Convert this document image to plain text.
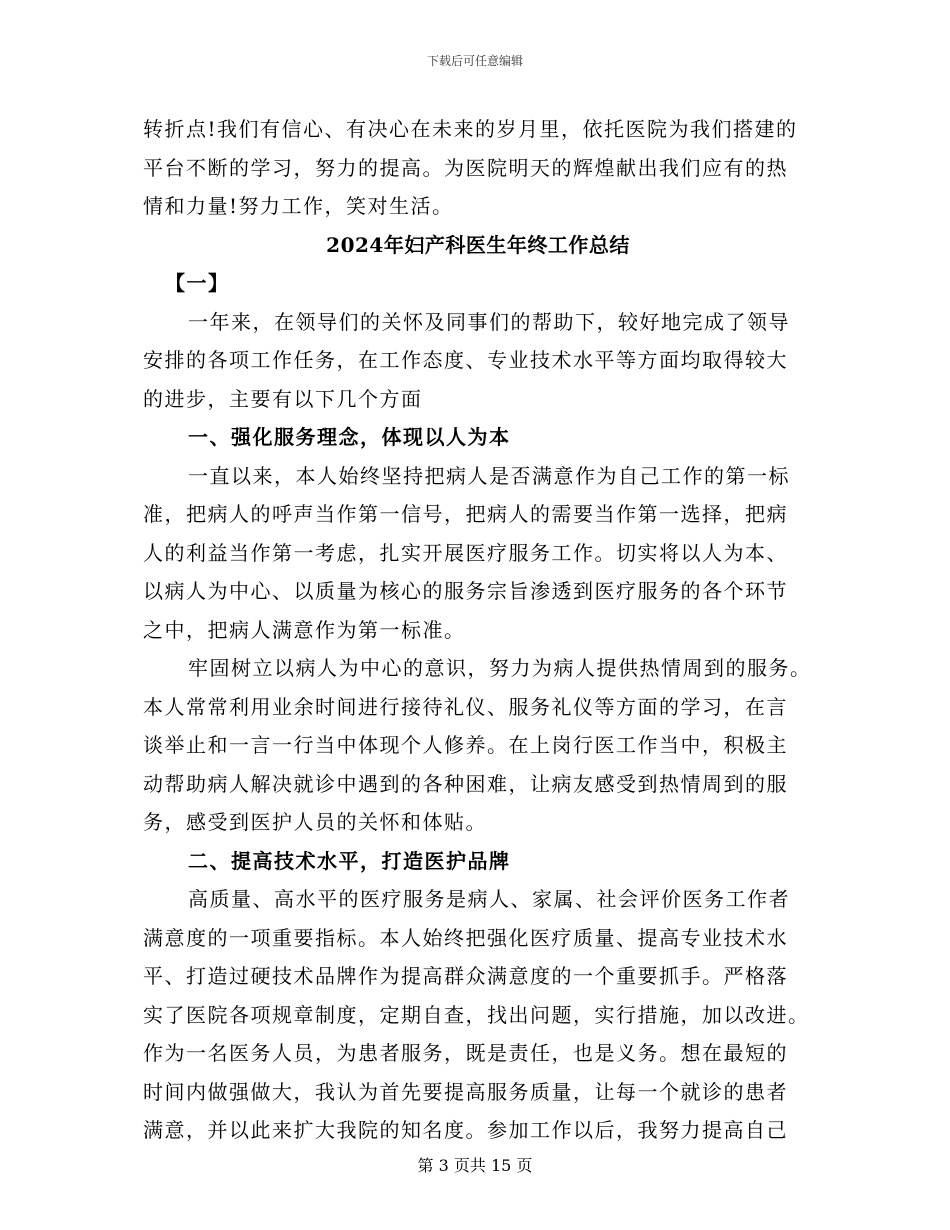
下载后可任意编辑
转折点!我们有信心、有决心在未来的岁月里，依托医院为我们搭建的
平台不断的学习，努力的提高。为医院明天的辉煌献出我们应有的热
情和力量!努力工作，笑对生活。
2024年妇产科医生年终工作总结
【一】
一年来，在领导们的关怀及同事们的帮助下，较好地完成了领导
安排的各项工作任务，在工作态度、专业技术水平等方面均取得较大
的进步，主要有以下几个方面
一、强化服务理念，体现以人为本
一直以来，本人始终坚持把病人是否满意作为自己工作的第一标
准，把病人的呼声当作第一信号，把病人的需要当作第一选择，把病
人的利益当作第一考虑，扎实开展医疗服务工作。切实将以人为本、
以病人为中心、以质量为核心的服务宗旨渗透到医疗服务的各个环节
之中，把病人满意作为第一标准。
牢固树立以病人为中心的意识，努力为病人提供热情周到的服务。
本人常常利用业余时间进行接待礼仪、服务礼仪等方面的学习，在言
谈举止和一言一行当中体现个人修养。在上岗行医工作当中，积极主
动帮助病人解决就诊中遇到的各种困难，让病友感受到热情周到的服
务，感受到医护人员的关怀和体贴。
二、提高技术水平，打造医护品牌
高质量、高水平的医疗服务是病人、家属、社会评价医务工作者
满意度的一项重要指标。本人始终把强化医疗质量、提高专业技术水
平、打造过硬技术品牌作为提高群众满意度的一个重要抓手。严格落
实了医院各项规章制度，定期自查，找出问题，实行措施，加以改进。
作为一名医务人员，为患者服务，既是责任，也是义务。想在最短的
时间内做强做大，我认为首先要提高服务质量，让每一个就诊的患者
满意，并以此来扩大我院的知名度。参加工作以后，我努力提高自己
第 3 页共 15 页
